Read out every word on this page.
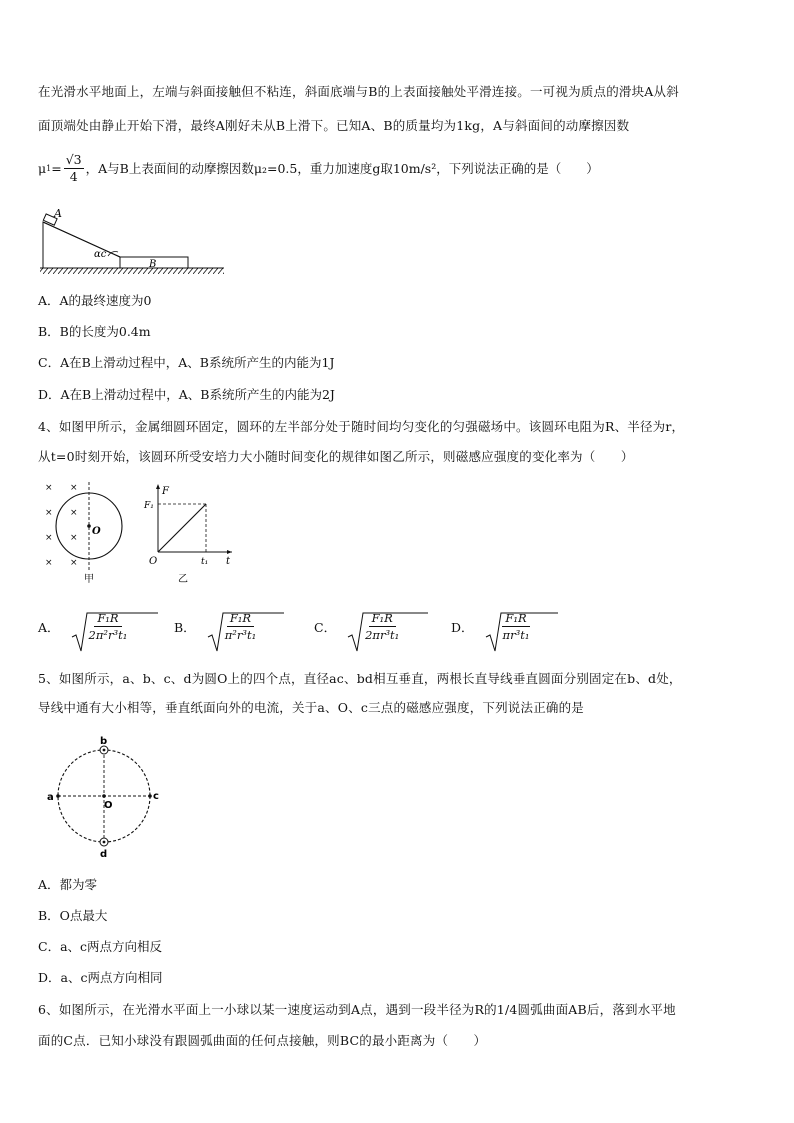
在光滑水平地面上，左端与斜面接触但不粘连，斜面底端与B的上表面接触处平滑连接。一可视为质点的滑块A从斜
面顶端处由静止开始下滑，最终A刚好未从B上滑下。已知A、B的质量均为1kg，A与斜面间的动摩擦因数
μ $1 = \frac{√3}{4}$ ，A与B上表面间的动摩擦因数μ₂=0.5，重力加速度g取10m/s²，下列说法正确的是（　　）
A
αc
B
A．A的最终速度为0
B．B的长度为0.4m
C．A在B上滑动过程中，A、B系统所产生的内能为1J
D．A在B上滑动过程中，A、B系统所产生的内能为2J
4、如图甲所示，金属细圆环固定，圆环的左半部分处于随时间均匀变化的匀强磁场中。该圆环电阻为R、半径为r，
从t=0时刻开始，该圆环所受安培力大小随时间变化的规律如图乙所示，则磁感应强度的变化率为（　　）
× ×
× ×
× ×
× ×
O
甲
F
t
O
F₁
t₁
乙
A． $\frac{\text{F₁R}}{\text{2π²r³t₁}}$	B． $\frac{\text{F₁R}}{\text{π²r³t₁}}$	C． $\frac{\text{F₁R}}{\text{2πr³t₁}}$	D． $\frac{\text{F₁R}}{\text{πr³t₁}}$
5、如图所示，a、b、c、d为圆O上的四个点，直径ac、bd相互垂直，两根长直导线垂直圆面分别固定在b、d处，
导线中通有大小相等，垂直纸面向外的电流，关于a、O、c三点的磁感应强度，下列说法正确的是
a
b
c
d
O
A．都为零
B．O点最大
C．a、c两点方向相反
D．a、c两点方向相同
6、如图所示，在光滑水平面上一小球以某一速度运动到A点，遇到一段半径为R的1/4圆弧曲面AB后，落到水平地
面的C点．已知小球没有跟圆弧曲面的任何点接触，则BC的最小距离为（　　）
